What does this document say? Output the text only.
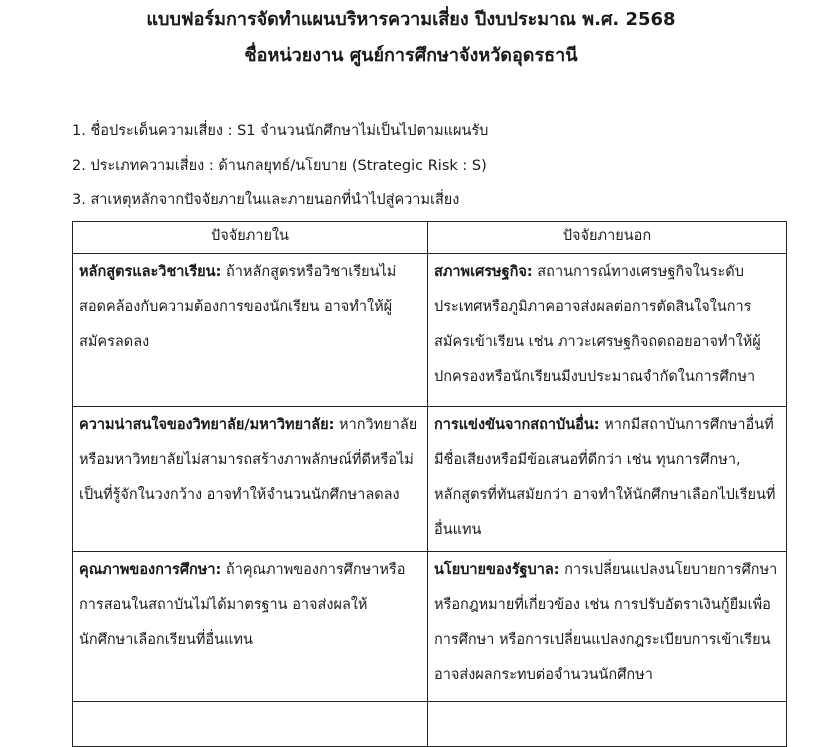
แบบฟอร์มการจัดทำแผนบริหารความเสี่ยง ปีงบประมาณ พ.ศ. 2568
ชื่อหน่วยงาน ศูนย์การศึกษาจังหวัดอุดรธานี

1. ชื่อประเด็นความเสี่ยง : S1 จำนวนนักศึกษาไม่เป็นไปตามแผนรับ

2. ประเภทความเสี่ยง : ด้านกลยุทธ์/นโยบาย (Strategic Risk : S)

3. สาเหตุหลักจากปัจจัยภายในและภายนอกที่นำไปสู่ความเสี่ยง

ปัจจัยภายใน	ปัจจัยภายนอก
หลักสูตรและวิชาเรียน: ถ้าหลักสูตรหรือวิชาเรียนไม่สอดคล้องกับความต้องการของนักเรียน อาจทำให้ผู้สมัครลดลง	สภาพเศรษฐกิจ: สถานการณ์ทางเศรษฐกิจในระดับประเทศหรือภูมิภาคอาจส่งผลต่อการตัดสินใจในการสมัครเข้าเรียน เช่น ภาวะเศรษฐกิจถดถอยอาจทำให้ผู้ปกครองหรือนักเรียนมีงบประมาณจำกัดในการศึกษา
ความน่าสนใจของวิทยาลัย/มหาวิทยาลัย: หากวิทยาลัยหรือมหาวิทยาลัยไม่สามารถสร้างภาพลักษณ์ที่ดีหรือไม่เป็นที่รู้จักในวงกว้าง อาจทำให้จำนวนนักศึกษาลดลง	การแข่งขันจากสถาบันอื่น: หากมีสถาบันการศึกษาอื่นที่มีชื่อเสียงหรือมีข้อเสนอที่ดีกว่า เช่น ทุนการศึกษา, หลักสูตรที่ทันสมัยกว่า อาจทำให้นักศึกษาเลือกไปเรียนที่อื่นแทน
คุณภาพของการศึกษา: ถ้าคุณภาพของการศึกษาหรือการสอนในสถาบันไม่ได้มาตรฐาน อาจส่งผลให้นักศึกษาเลือกเรียนที่อื่นแทน	นโยบายของรัฐบาล: การเปลี่ยนแปลงนโยบายการศึกษาหรือกฎหมายที่เกี่ยวข้อง เช่น การปรับอัตราเงินกู้ยืมเพื่อการศึกษา หรือการเปลี่ยนแปลงกฎระเบียบการเข้าเรียน อาจส่งผลกระทบต่อจำนวนนักศึกษา
